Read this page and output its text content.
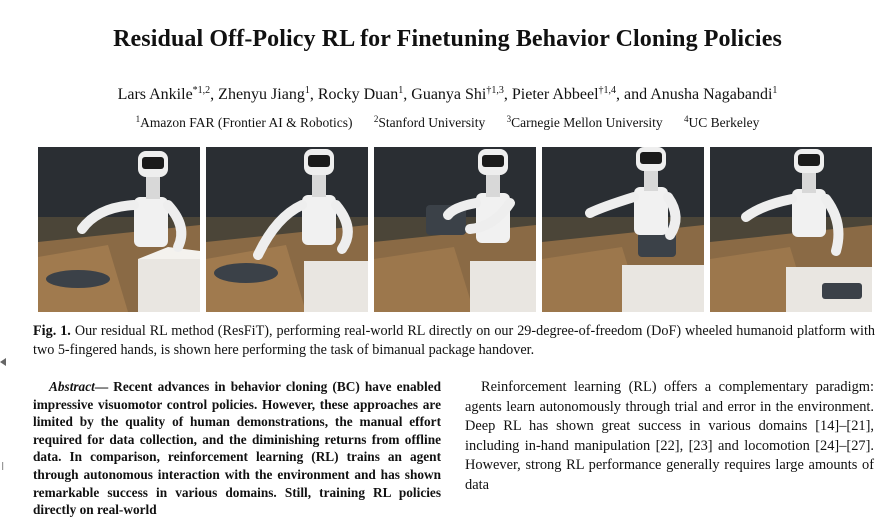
Residual Off-Policy RL for Finetuning Behavior Cloning Policies
Lars Ankile$^{*1,2}$, Zhenyu Jiang$^1$, Rocky Duan$^1$, Guanya Shi$^{\dagger 1,3}$, Pieter Abbeel$^{\dagger 1,4}$, and Anusha Nagabandi$^1$
$^1$Amazon FAR (Frontier AI & Robotics) $^2$Stanford University $^3$Carnegie Mellon University $^4$UC Berkeley
Fig. 1. Our residual RL method (ResFiT), performing real-world RL directly on our 29-degree-of-freedom (DoF) wheeled humanoid platform with two 5-fingered hands, is shown here performing the task of bimanual package handover.
Abstract— Recent advances in behavior cloning (BC) have enabled impressive visuomotor control policies. However, these approaches are limited by the quality of human demonstrations, the manual effort required for data collection, and the diminishing returns from offline data. In comparison, reinforcement learning (RL) trains an agent through autonomous interaction with the environment and has shown remarkable success in various domains. Still, training RL policies directly on real-world
Reinforcement learning (RL) offers a complementary paradigm: agents learn autonomously through trial and error in the environment. Deep RL has shown great success in various domains [14]–[21], including in-hand manipulation [22], [23] and locomotion [24]–[27]. However, strong RL performance generally requires large amounts of data
